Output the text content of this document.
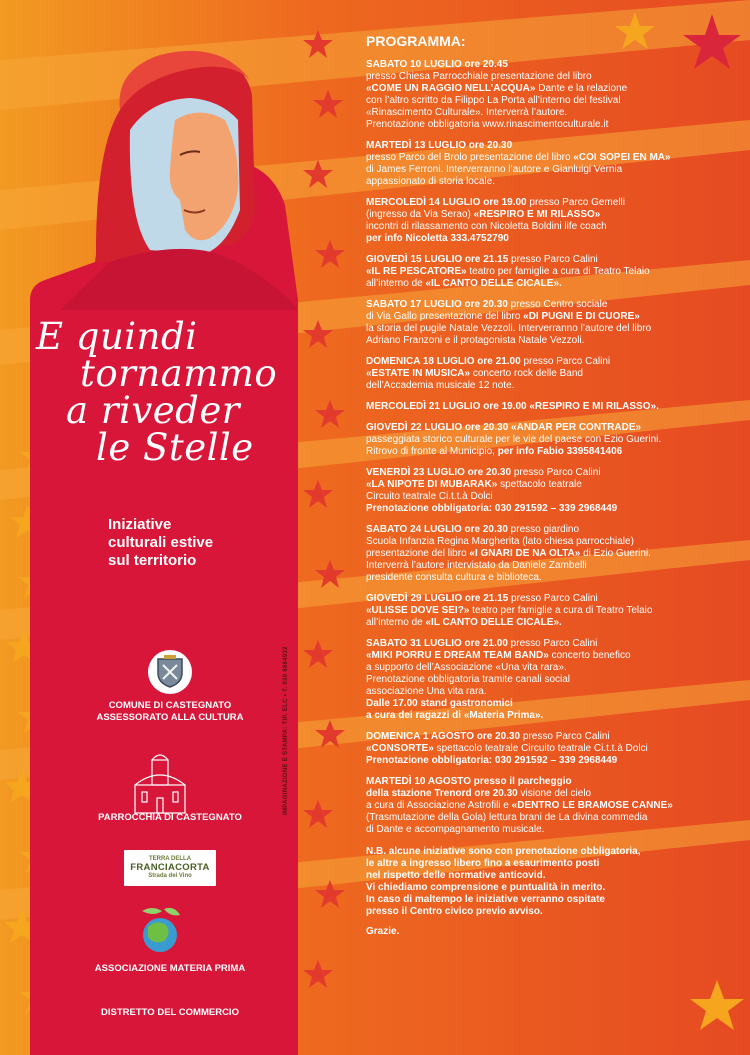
E quindi
tornammo
a riveder
le Stelle
Iniziative
culturali estive
sul territorio
COMUNE DI CASTEGNATO
ASSESSORATO ALLA CULTURA
PARROCCHIA DI CASTEGNATO
TERRA DELLA
FRANCIACORTA
Strada del Vino
ASSOCIAZIONE MATERIA PRIMA
DISTRETTO DEL COMMERCIO
IMPAGINAZIONE E STAMPA: TIP. ELC • T. 030 6864932
PROGRAMMA:
SABATO 10 LUGLIO ore 20.45
presso Chiesa Parrocchiale presentazione del libro
«COME UN RAGGIO NELL’ACQUA» Dante e la relazione
con l’altro scritto da Filippo La Porta all’interno del festival
«Rinascimento Culturale». Interverrà l’autore.
Prenotazione obbligatoria www.rinascimentoculturale.it
MARTEDÌ 13 LUGLIO ore 20.30
presso Parco del Brolo presentazione del libro «COI SOPEI EN MA»
di James Ferroni. Interverranno l’autore e Gianluigi Vernia
appassionato di storia locale.
MERCOLEDÌ 14 LUGLIO ore 19.00 presso Parco Gemelli
(ingresso da Via Serao) «RESPIRO E MI RILASSO»
incontri di rilassamento con Nicoletta Boldini life coach
per info Nicoletta 333.4752790
GIOVEDÌ 15 LUGLIO ore 21.15 presso Parco Calini
«IL RE PESCATORE» teatro per famiglie a cura di Teatro Telaio
all’interno de «IL CANTO DELLE CICALE».
SABATO 17 LUGLIO ore 20.30 presso Centro sociale
di Via Gallo presentazione del libro «DI PUGNI E DI CUORE»
la storia del pugile Natale Vezzoli. Interverranno l’autore del libro
Adriano Franzoni e il protagonista Natale Vezzoli.
DOMENICA 18 LUGLIO ore 21.00 presso Parco Calini
«ESTATE IN MUSICA» concerto rock delle Band
dell’Accademia musicale 12 note.
MERCOLEDÌ 21 LUGLIO ore 19.00 «RESPIRO E MI RILASSO».
GIOVEDÌ 22 LUGLIO ore 20.30 «ANDAR PER CONTRADE»
passeggiata storico culturale per le vie del paese con Ezio Guerini.
Ritrovo di fronte al Municipio, per info Fabio 3395841406
VENERDÌ 23 LUGLIO ore 20.30 presso Parco Calini
«LA NIPOTE DI MUBARAK» spettacolo teatrale
Circuito teatrale Ci.t.t.à Dolci
Prenotazione obbligatoria: 030 291592 – 339 2968449
SABATO 24 LUGLIO ore 20.30 presso giardino
Scuola Infanzia Regina Margherita (lato chiesa parrocchiale)
presentazione del libro «I GNARI DE NA OLTA» di Ezio Guerini.
Interverrà l’autore intervistato da Daniele Zambelli
presidente consulta cultura e biblioteca.
GIOVEDÌ 29 LUGLIO ore 21.15 presso Parco Calini
«ULISSE DOVE SEI?» teatro per famiglie a cura di Teatro Telaio
all’interno de «IL CANTO DELLE CICALE».
SABATO 31 LUGLIO ore 21.00 presso Parco Calini
«MIKI PORRU E DREAM TEAM BAND» concerto benefico
a supporto dell’Associazione «Una vita rara».
Prenotazione obbligatoria tramite canali social
associazione Una vita rara.
Dalle 17.00 stand gastronomici
a cura dei ragazzi di «Materia Prima».
DOMENICA 1 AGOSTO ore 20.30 presso Parco Calini
«CONSORTE» spettacolo teatrale Circuito teatrale Ci.t.t.à Dolci
Prenotazione obbligatoria: 030 291592 – 339 2968449
MARTEDÌ 10 AGOSTO presso il parcheggio
della stazione Trenord ore 20.30 visione del cielo
a cura di Associazione Astrofili e «DENTRO LE BRAMOSE CANNE»
(Trasmutazione della Gola) lettura brani de La divina commedia
di Dante e accompagnamento musicale.
N.B. alcune iniziative sono con prenotazione obbligatoria,
le altre a ingresso libero fino a esaurimento posti
nel rispetto delle normative anticovid.
Vi chiediamo comprensione e puntualità in merito.
In caso di maltempo le iniziative verranno ospitate
presso il Centro civico previo avviso.
Grazie.
